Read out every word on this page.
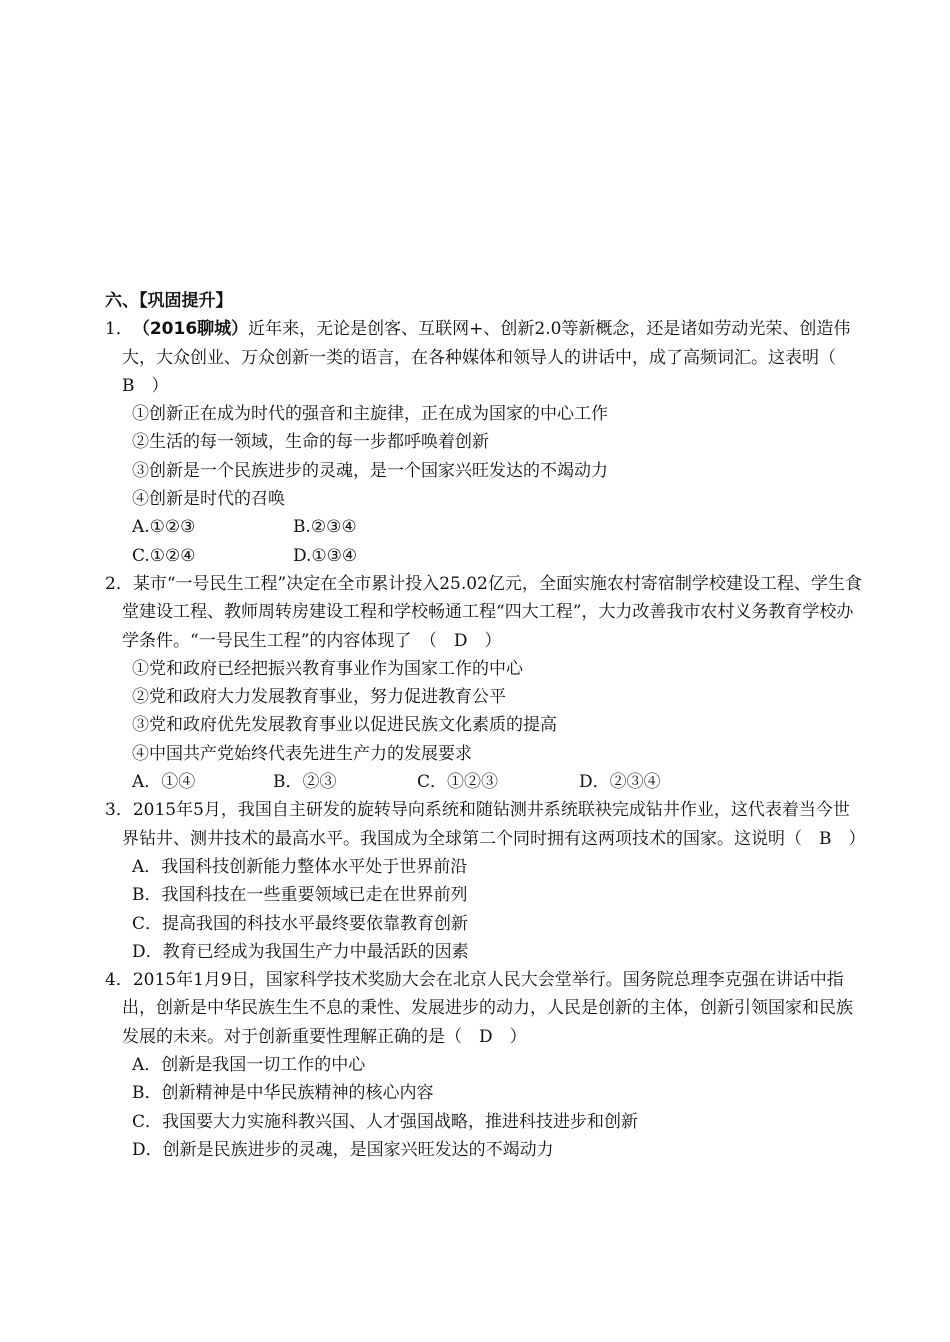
六、【巩固提升】
1．（2016聊城）近年来，无论是创客、互联网+、创新2.0等新概念，还是诸如劳动光荣、创造伟大，大众创业、万众创新一类的语言，在各种媒体和领导人的讲话中，成了高频词汇。这表明（　B　）
①创新正在成为时代的强音和主旋律，正在成为国家的中心工作
②生活的每一领域，生命的每一步都呼唤着创新
③创新是一个民族进步的灵魂，是一个国家兴旺发达的不竭动力
④创新是时代的召唤
A.①②③	B.②③④
C.①②④	D.①③④
2．某市“一号民生工程”决定在全市累计投入25.02亿元，全面实施农村寄宿制学校建设工程、学生食堂建设工程、教师周转房建设工程和学校畅通工程“四大工程”，大力改善我市农村义务教育学校办学条件。“一号民生工程”的内容体现了　（　D　）
①党和政府已经把振兴教育事业作为国家工作的中心
②党和政府大力发展教育事业，努力促进教育公平
③党和政府优先发展教育事业以促进民族文化素质的提高
④中国共产党始终代表先进生产力的发展要求
A．①④	B．②③	C．①②③	D．②③④
3．2015年5月，我国自主研发的旋转导向系统和随钻测井系统联袂完成钻井作业，这代表着当今世界钻井、测井技术的最高水平。我国成为全球第二个同时拥有这两项技术的国家。这说明（　B　）
A．我国科技创新能力整体水平处于世界前沿
B．我国科技在一些重要领域已走在世界前列
C．提高我国的科技水平最终要依靠教育创新
D．教育已经成为我国生产力中最活跃的因素
4．2015年1月9日，国家科学技术奖励大会在北京人民大会堂举行。国务院总理李克强在讲话中指出，创新是中华民族生生不息的秉性、发展进步的动力，人民是创新的主体，创新引领国家和民族发展的未来。对于创新重要性理解正确的是（　D　）
A．创新是我国一切工作的中心
B．创新精神是中华民族精神的核心内容
C．我国要大力实施科教兴国、人才强国战略，推进科技进步和创新
D．创新是民族进步的灵魂，是国家兴旺发达的不竭动力
